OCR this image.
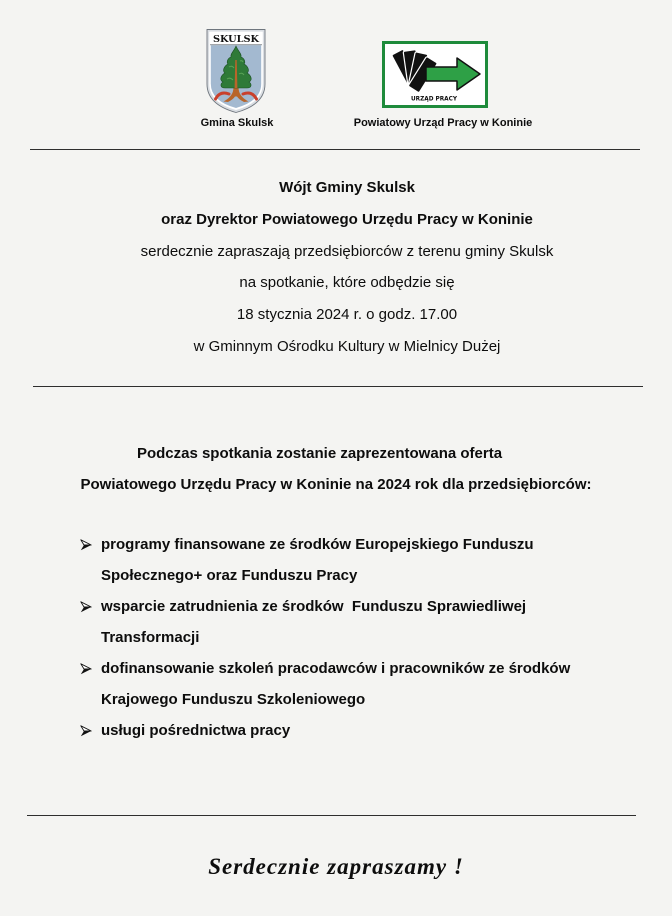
SKULSK
Gmina Skulsk
URZĄD PRACY
Powiatowy Urząd Pracy w Koninie
Wójt Gminy Skulsk
oraz Dyrektor Powiatowego Urzędu Pracy w Koninie
serdecznie zapraszają przedsiębiorców z terenu gminy Skulsk
na spotkanie, które odbędzie się
18 stycznia 2024 r. o godz. 17.00
w Gminnym Ośrodku Kultury w Mielnicy Dużej
Podczas spotkania zostanie zaprezentowana oferta
Powiatowego Urzędu Pracy w Koninie na 2024 rok dla przedsiębiorców:
programy finansowane ze środków Europejskiego Funduszu
Społecznego+ oraz Funduszu Pracy
wsparcie zatrudnienia ze środków  Funduszu Sprawiedliwej
Transformacji
dofinansowanie szkoleń pracodawców i pracowników ze środków
Krajowego Funduszu Szkoleniowego
usługi pośrednictwa pracy
Serdecznie zapraszamy !
